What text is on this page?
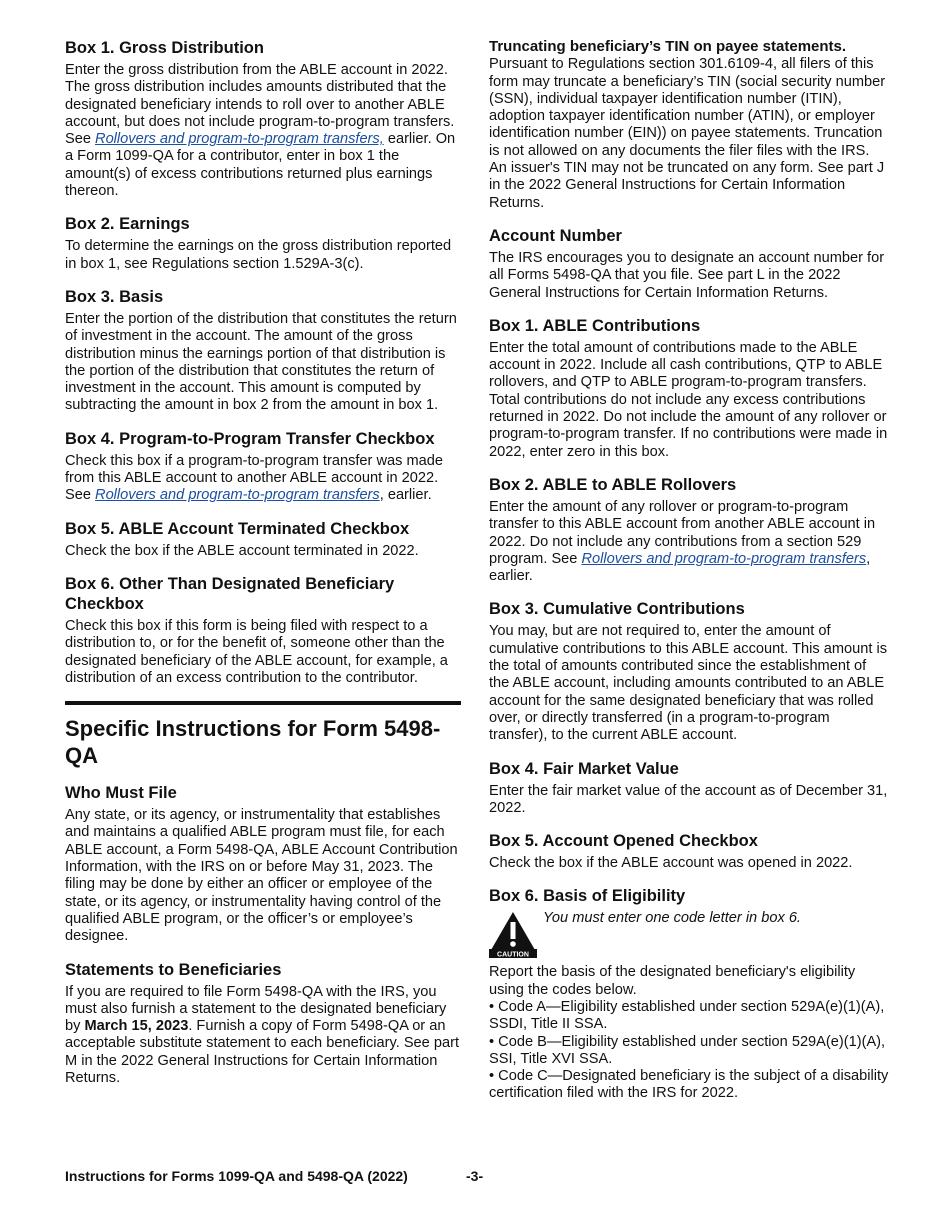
Box 1. Gross Distribution

Enter the gross distribution from the ABLE account in 2022. The gross distribution includes amounts distributed that the designated beneficiary intends to roll over to another ABLE account, but does not include program-to-program transfers. See Rollovers and program-to-program transfers, earlier. On a Form 1099-QA for a contributor, enter in box 1 the amount(s) of excess contributions returned plus earnings thereon.

Box 2. Earnings

To determine the earnings on the gross distribution reported in box 1, see Regulations section 1.529A-3(c).

Box 3. Basis

Enter the portion of the distribution that constitutes the return of investment in the account. The amount of the gross distribution minus the earnings portion of that distribution is the portion of the distribution that constitutes the return of investment in the account. This amount is computed by subtracting the amount in box 2 from the amount in box 1.

Box 4. Program-to-Program Transfer Checkbox

Check this box if a program-to-program transfer was made from this ABLE account to another ABLE account in 2022. See Rollovers and program-to-program transfers, earlier.

Box 5. ABLE Account Terminated Checkbox

Check the box if the ABLE account terminated in 2022.

Box 6. Other Than Designated Beneficiary Checkbox

Check this box if this form is being filed with respect to a distribution to, or for the benefit of, someone other than the designated beneficiary of the ABLE account, for example, a distribution of an excess contribution to the contributor.

Specific Instructions for Form 5498-QA
Who Must File

Any state, or its agency, or instrumentality that establishes and maintains a qualified ABLE program must file, for each ABLE account, a Form 5498-QA, ABLE Account Contribution Information, with the IRS on or before May 31, 2023. The filing may be done by either an officer or employee of the state, or its agency, or instrumentality having control of the qualified ABLE program, or the officer’s or employee’s designee.

Statements to Beneficiaries

If you are required to file Form 5498-QA with the IRS, you must also furnish a statement to the designated beneficiary by March 15, 2023. Furnish a copy of Form 5498-QA or an acceptable substitute statement to each beneficiary. See part M in the 2022 General Instructions for Certain Information Returns.

Truncating beneficiary’s TIN on payee statements.
Pursuant to Regulations section 301.6109-4, all filers of this form may truncate a beneficiary’s TIN (social security number (SSN), individual taxpayer identification number (ITIN), adoption taxpayer identification number (ATIN), or employer identification number (EIN)) on payee statements. Truncation is not allowed on any documents the filer files with the IRS. An issuer's TIN may not be truncated on any form. See part J in the 2022 General Instructions for Certain Information Returns.

Account Number

The IRS encourages you to designate an account number for all Forms 5498-QA that you file. See part L in the 2022 General Instructions for Certain Information Returns.

Box 1. ABLE Contributions

Enter the total amount of contributions made to the ABLE account in 2022. Include all cash contributions, QTP to ABLE rollovers, and QTP to ABLE program-to-program transfers. Total contributions do not include any excess contributions returned in 2022. Do not include the amount of any rollover or program-to-program transfer. If no contributions were made in 2022, enter zero in this box.

Box 2. ABLE to ABLE Rollovers

Enter the amount of any rollover or program-to-program transfer to this ABLE account from another ABLE account in 2022. Do not include any contributions from a section 529 program. See Rollovers and program-to-program transfers, earlier.

Box 3. Cumulative Contributions

You may, but are not required to, enter the amount of cumulative contributions to this ABLE account. This amount is the total of amounts contributed since the establishment of the ABLE account, including amounts contributed to an ABLE account for the same designated beneficiary that was rolled over, or directly transferred (in a program-to-program transfer), to the current ABLE account.

Box 4. Fair Market Value

Enter the fair market value of the account as of December 31, 2022.

Box 5. Account Opened Checkbox

Check the box if the ABLE account was opened in 2022.

Box 6. Basis of Eligibility
CAUTION
You must enter one code letter in box 6.

Report the basis of the designated beneficiary's eligibility using the codes below.

• Code A—Eligibility established under section 529A(e)(1)(A), SSDI, Title II SSA.

• Code B—Eligibility established under section 529A(e)(1)(A), SSI, Title XVI SSA.

• Code C—Designated beneficiary is the subject of a disability certification filed with the IRS for 2022.

Instructions for Forms 1099-QA and 5498-QA (2022)	-3-
